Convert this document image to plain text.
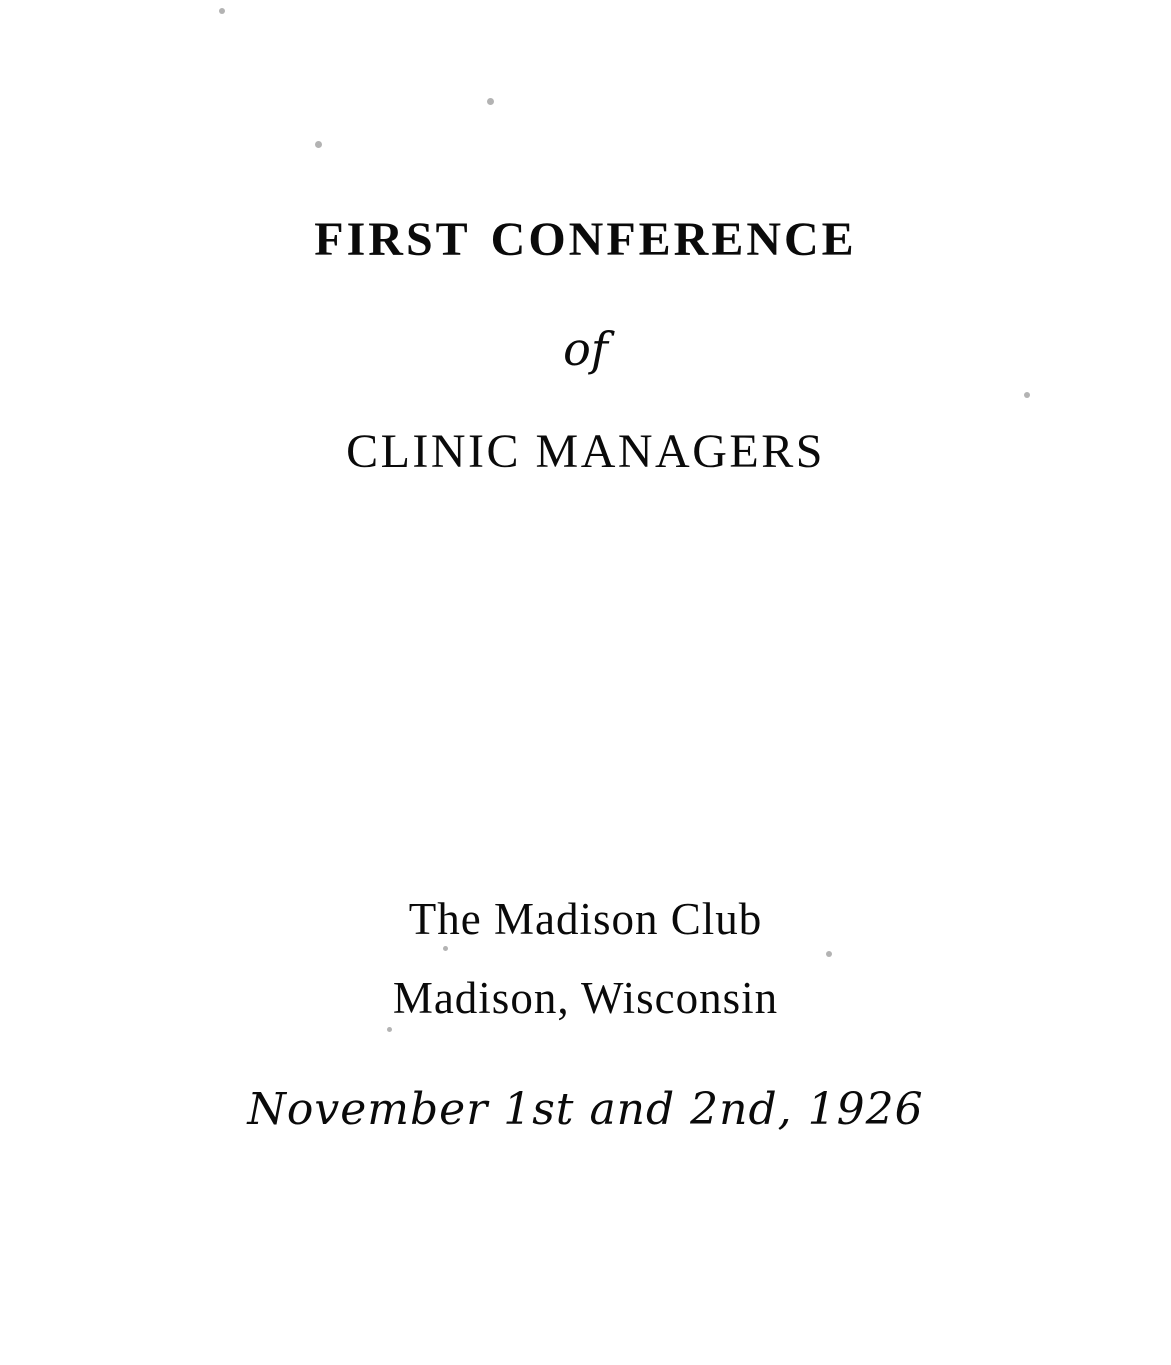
first conference
of
CLINIC MANAGERS
The Madison Club
Madison, Wisconsin
November 1st and 2nd, 1926
